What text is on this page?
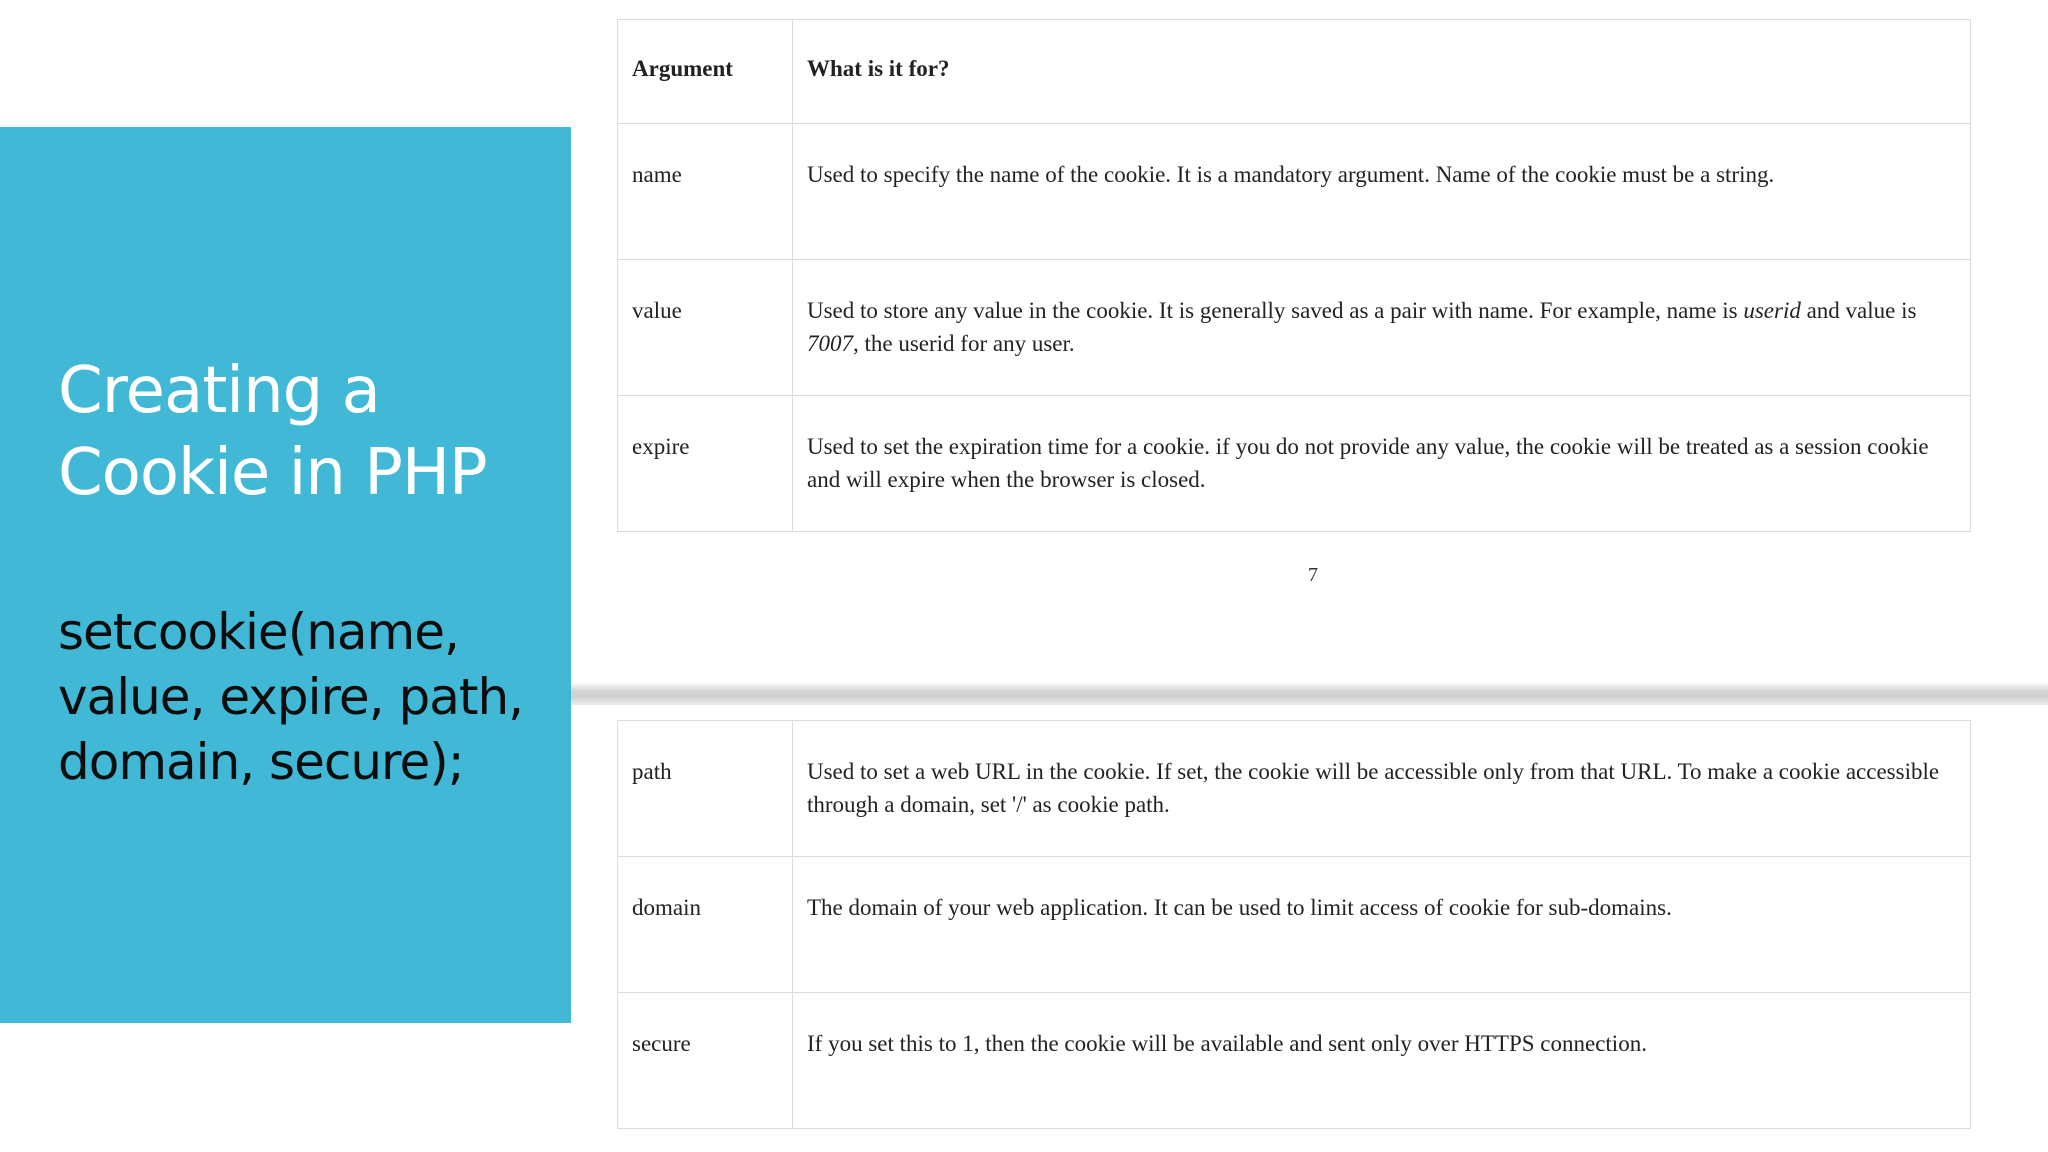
Creating a
Cookie in PHP
setcookie(name,
value, expire, path,
domain, secure);
Argument	What is it for?

name	Used to specify the name of the cookie. It is a mandatory argument. Name of the cookie must be a string.

value	Used to store any value in the cookie. It is generally saved as a pair with name. For example, name is userid and value is 7007, the userid for any user.

expire	Used to set the expiration time for a cookie. if you do not provide any value, the cookie will be treated as a session cookie and will expire when the browser is closed.
7
path	Used to set a web URL in the cookie. If set, the cookie will be accessible only from that URL. To make a cookie accessible through a domain, set '/' as cookie path.

domain	The domain of your web application. It can be used to limit access of cookie for sub-domains.

secure	If you set this to 1, then the cookie will be available and sent only over HTTPS connection.
